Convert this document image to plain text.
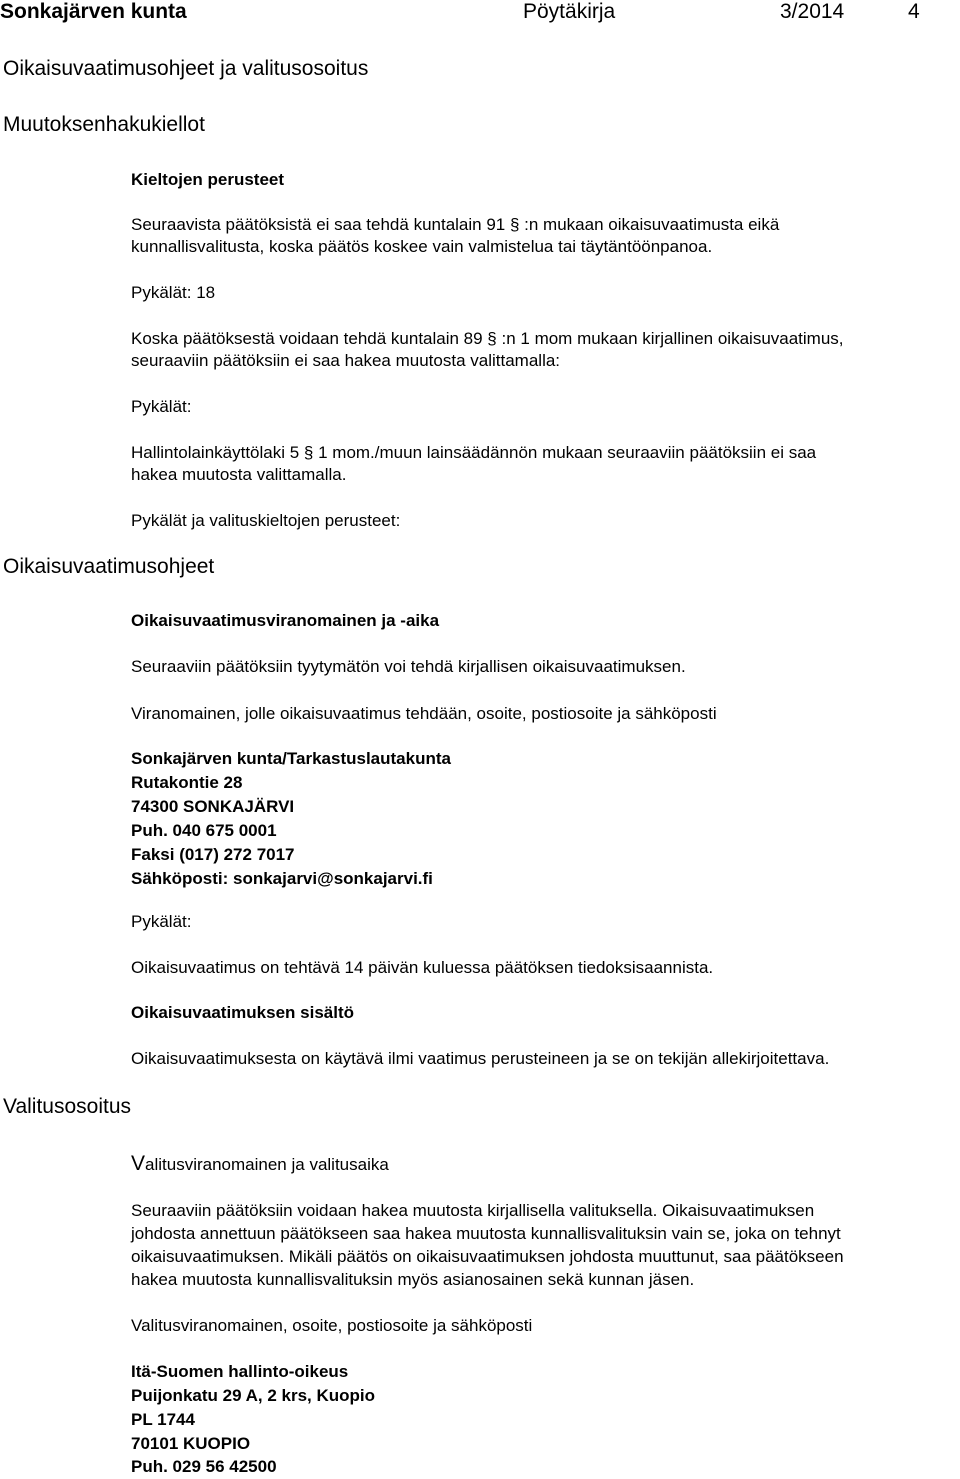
Sonkajärven kunta	Pöytäkirja	3/2014	4
Oikaisuvaatimusohjeet ja valitusosoitus
Muutoksenhakukiellot
Kieltojen perusteet
Seuraavista päätöksistä ei saa tehdä kuntalain 91 § :n mukaan oikaisuvaatimusta eikä
kunnallisvalitusta, koska päätös koskee vain valmistelua tai täytäntöönpanoa.
Pykälät: 18
Koska päätöksestä voidaan tehdä kuntalain 89 § :n 1 mom mukaan kirjallinen oikaisuvaatimus,
seuraaviin päätöksiin ei saa hakea muutosta valittamalla:
Pykälät:
Hallintolainkäyttölaki 5 § 1 mom./muun lainsäädännön mukaan seuraaviin päätöksiin ei saa
hakea muutosta valittamalla.
Pykälät ja valituskieltojen perusteet:
Oikaisuvaatimusohjeet
Oikaisuvaatimusviranomainen ja -aika
Seuraaviin päätöksiin tyytymätön voi tehdä kirjallisen oikaisuvaatimuksen.
Viranomainen, jolle oikaisuvaatimus tehdään, osoite, postiosoite ja sähköposti
Sonkajärven kunta/Tarkastuslautakunta
Rutakontie 28
74300 SONKAJÄRVI
Puh. 040 675 0001
Faksi (017) 272 7017
Sähköposti: sonkajarvi@sonkajarvi.fi
Pykälät:
Oikaisuvaatimus on tehtävä 14 päivän kuluessa päätöksen tiedoksisaannista.
Oikaisuvaatimuksen sisältö
Oikaisuvaatimuksesta on käytävä ilmi vaatimus perusteineen ja se on tekijän allekirjoitettava.
Valitusosoitus
Valitusviranomainen ja valitusaika
Seuraaviin päätöksiin voidaan hakea muutosta kirjallisella valituksella. Oikaisuvaatimuksen
johdosta annettuun päätökseen saa hakea muutosta kunnallisvalituksin vain se, joka on tehnyt
oikaisuvaatimuksen. Mikäli päätös on oikaisuvaatimuksen johdosta muuttunut, saa päätökseen
hakea muutosta kunnallisvalituksin myös asianosainen sekä kunnan jäsen.
Valitusviranomainen, osoite, postiosoite ja sähköposti
Itä-Suomen hallinto-oikeus
Puijonkatu 29 A, 2 krs, Kuopio
PL 1744
70101 KUOPIO
Puh. 029 56 42500
